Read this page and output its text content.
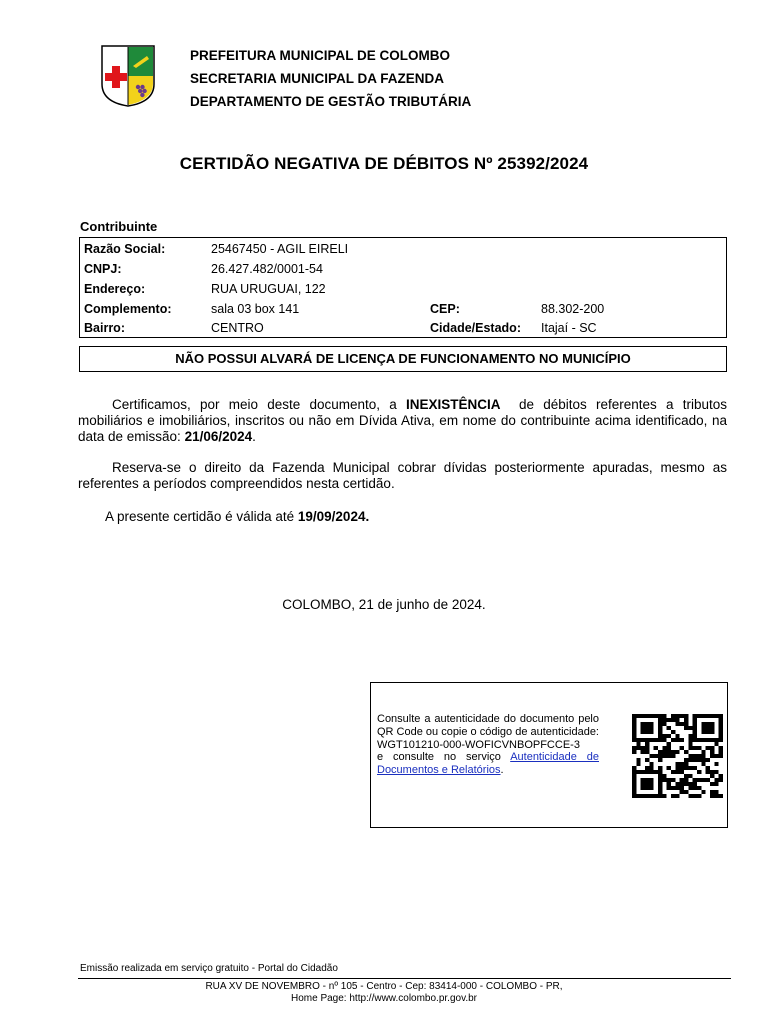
PREFEITURA MUNICIPAL DE COLOMBO
SECRETARIA MUNICIPAL DA FAZENDA
DEPARTAMENTO DE GESTÃO TRIBUTÁRIA
CERTIDÃO NEGATIVA DE DÉBITOS Nº 25392/2024
Contribuinte
Razão Social:	25467450 - AGIL EIRELI
CNPJ:	26.427.482/0001-54
Endereço:	RUA URUGUAI, 122
Complemento:	sala 03 box 141	CEP:	88.302-200
Bairro:	CENTRO	Cidade/Estado: Itajaí - SC
NÃO POSSUI ALVARÁ DE LICENÇA DE FUNCIONAMENTO NO MUNICÍPIO
Certificamos, por meio deste documento, a INEXISTÊNCIA  de débitos referentes a tributos mobiliários e imobiliários, inscritos ou não em Dívida Ativa, em nome do contribuinte acima identificado, na data de emissão: 21/06/2024.
Reserva-se o direito da Fazenda Municipal cobrar dívidas posteriormente apuradas, mesmo as referentes a períodos compreendidos nesta certidão.
A presente certidão é válida até 19/09/2024.
COLOMBO, 21 de junho de 2024.
Consulte a autenticidade do documento pelo QR Code ou copie o código de autenticidade:
WGT101210-000-WOFICVNBOPFCCE-3
e consulte no serviço Autenticidade de Documentos e Relatórios.
Emissão realizada em serviço gratuito - Portal do Cidadão
RUA XV DE NOVEMBRO - nº 105 - Centro - Cep: 83414-000 - COLOMBO - PR,
Home Page: http://www.colombo.pr.gov.br
